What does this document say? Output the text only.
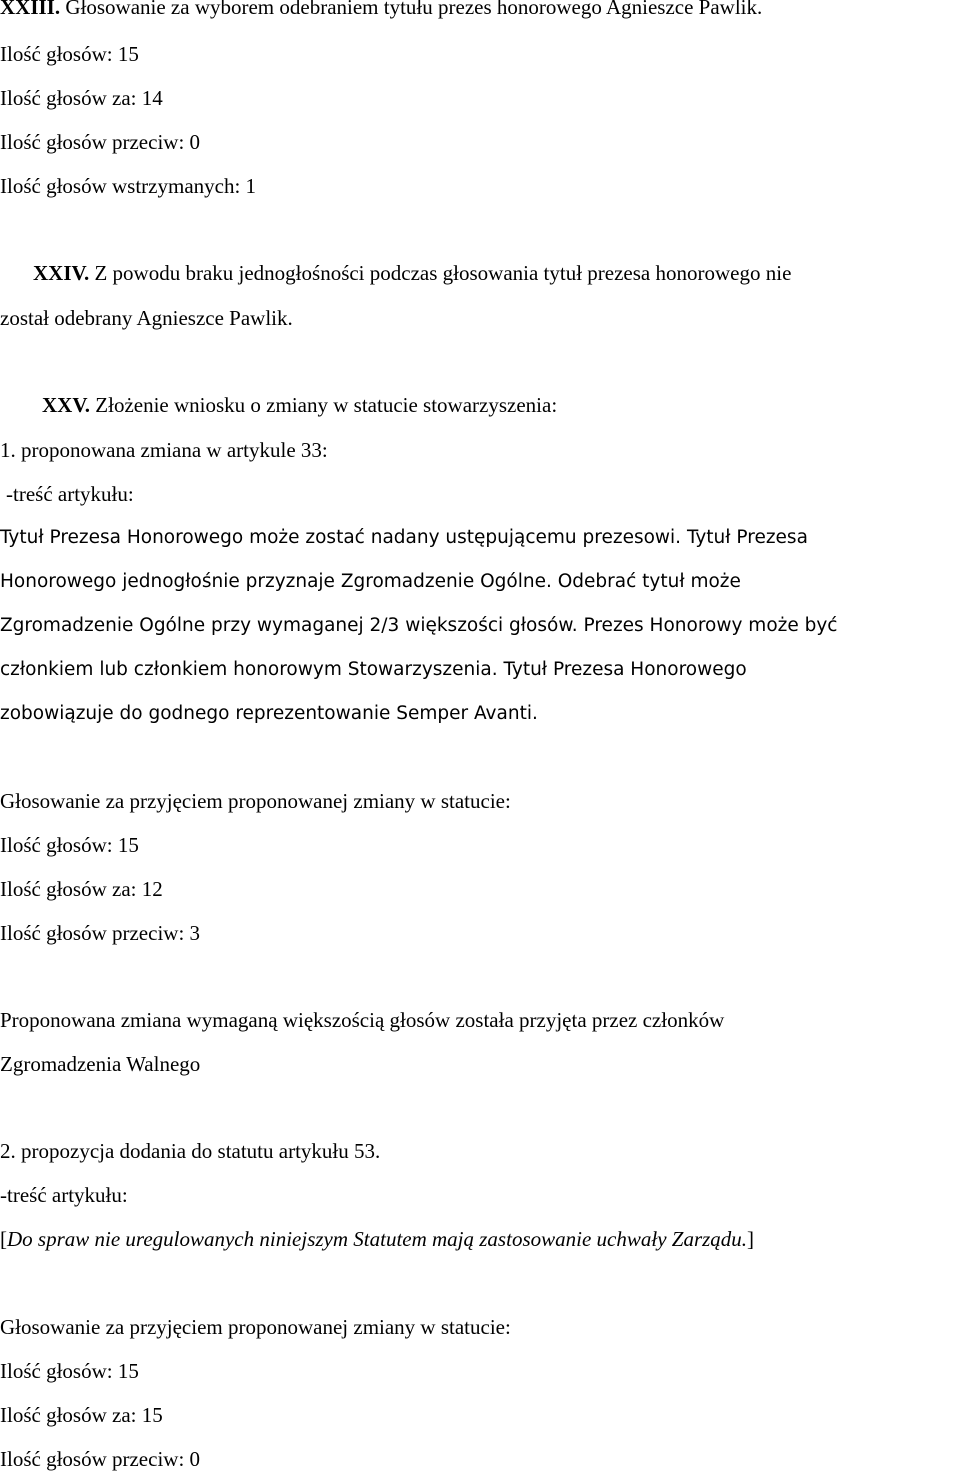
XXIII. Głosowanie za wyborem odebraniem tytułu prezes honorowego Agnieszce Pawlik.
Ilość głosów: 15
Ilość głosów za: 14
Ilość głosów przeciw: 0
Ilość głosów wstrzymanych: 1
XXIV. Z powodu braku jednogłośności podczas głosowania tytuł prezesa honorowego nie
został odebrany Agnieszce Pawlik.
XXV. Złożenie wniosku o zmiany w statucie stowarzyszenia:
1. proponowana zmiana w artykule 33:
-treść artykułu:
Tytuł Prezesa Honorowego może zostać nadany ustępującemu prezesowi. Tytuł Prezesa
Honorowego jednogłośnie przyznaje Zgromadzenie Ogólne. Odebrać tytuł może
Zgromadzenie Ogólne przy wymaganej 2/3 większości głosów. Prezes Honorowy może być
członkiem lub członkiem honorowym Stowarzyszenia. Tytuł Prezesa Honorowego
zobowiązuje do godnego reprezentowanie Semper Avanti.
Głosowanie za przyjęciem proponowanej zmiany w statucie:
Ilość głosów: 15
Ilość głosów za: 12
Ilość głosów przeciw: 3
Proponowana zmiana wymaganą większością głosów została przyjęta przez członków
Zgromadzenia Walnego
2. propozycja dodania do statutu artykułu 53.
-treść artykułu:
[Do spraw nie uregulowanych niniejszym Statutem mają zastosowanie uchwały Zarządu.]
Głosowanie za przyjęciem proponowanej zmiany w statucie:
Ilość głosów: 15
Ilość głosów za: 15
Ilość głosów przeciw: 0
